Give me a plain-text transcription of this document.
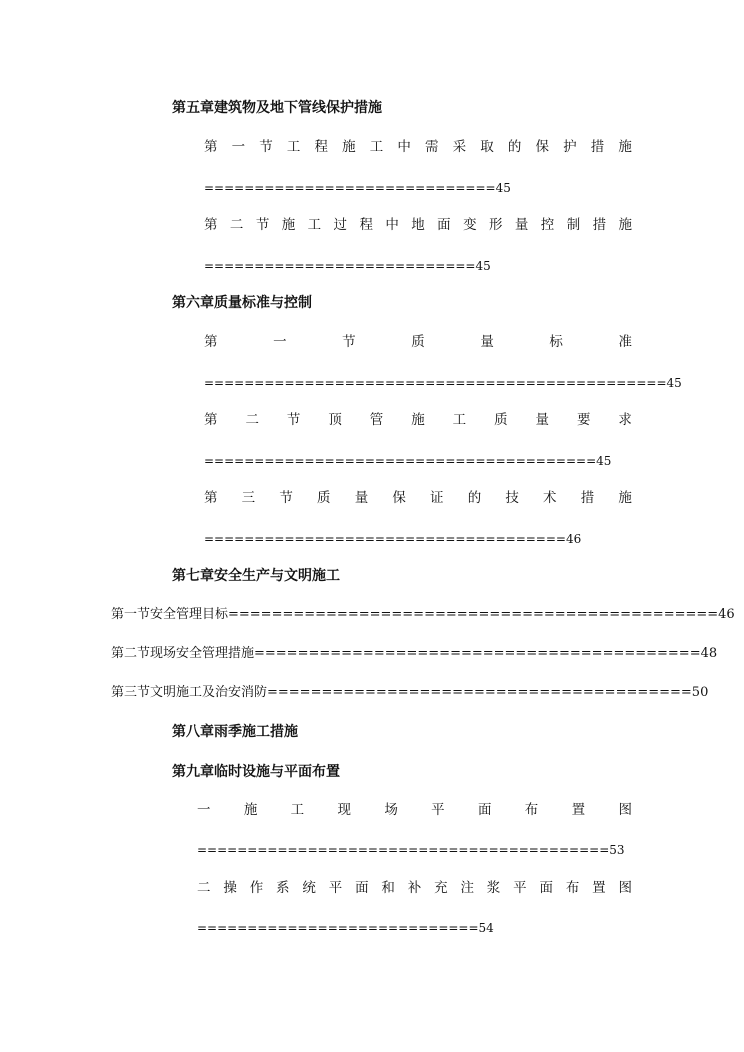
第五章建筑物及地下管线保护措施
第 一 节 工 程 施 工 中 需 采 取 的 保 护 措 施
=============================45
第 二 节 施 工 过 程 中 地 面 变 形 量 控 制 措 施
===========================45
第六章质量标准与控制
第	一	节	质	量	标	准
==============================================45
第 二 节 顶 管 施 工 质 量 要 求
=======================================45
第 三 节 质 量 保 证 的 技 术 措 施
====================================46
第七章安全生产与文明施工
第一节安全管理目标=============================================46
第二节现场安全管理措施=========================================48
第三节文明施工及治安消防=======================================50
第八章雨季施工措施
第九章临时设施与平面布置
一 施 工 现 场 平 面 布 置 图
=========================================53
二 操 作 系 统 平 面 和 补 充 注 浆 平 面 布 置 图
============================54
